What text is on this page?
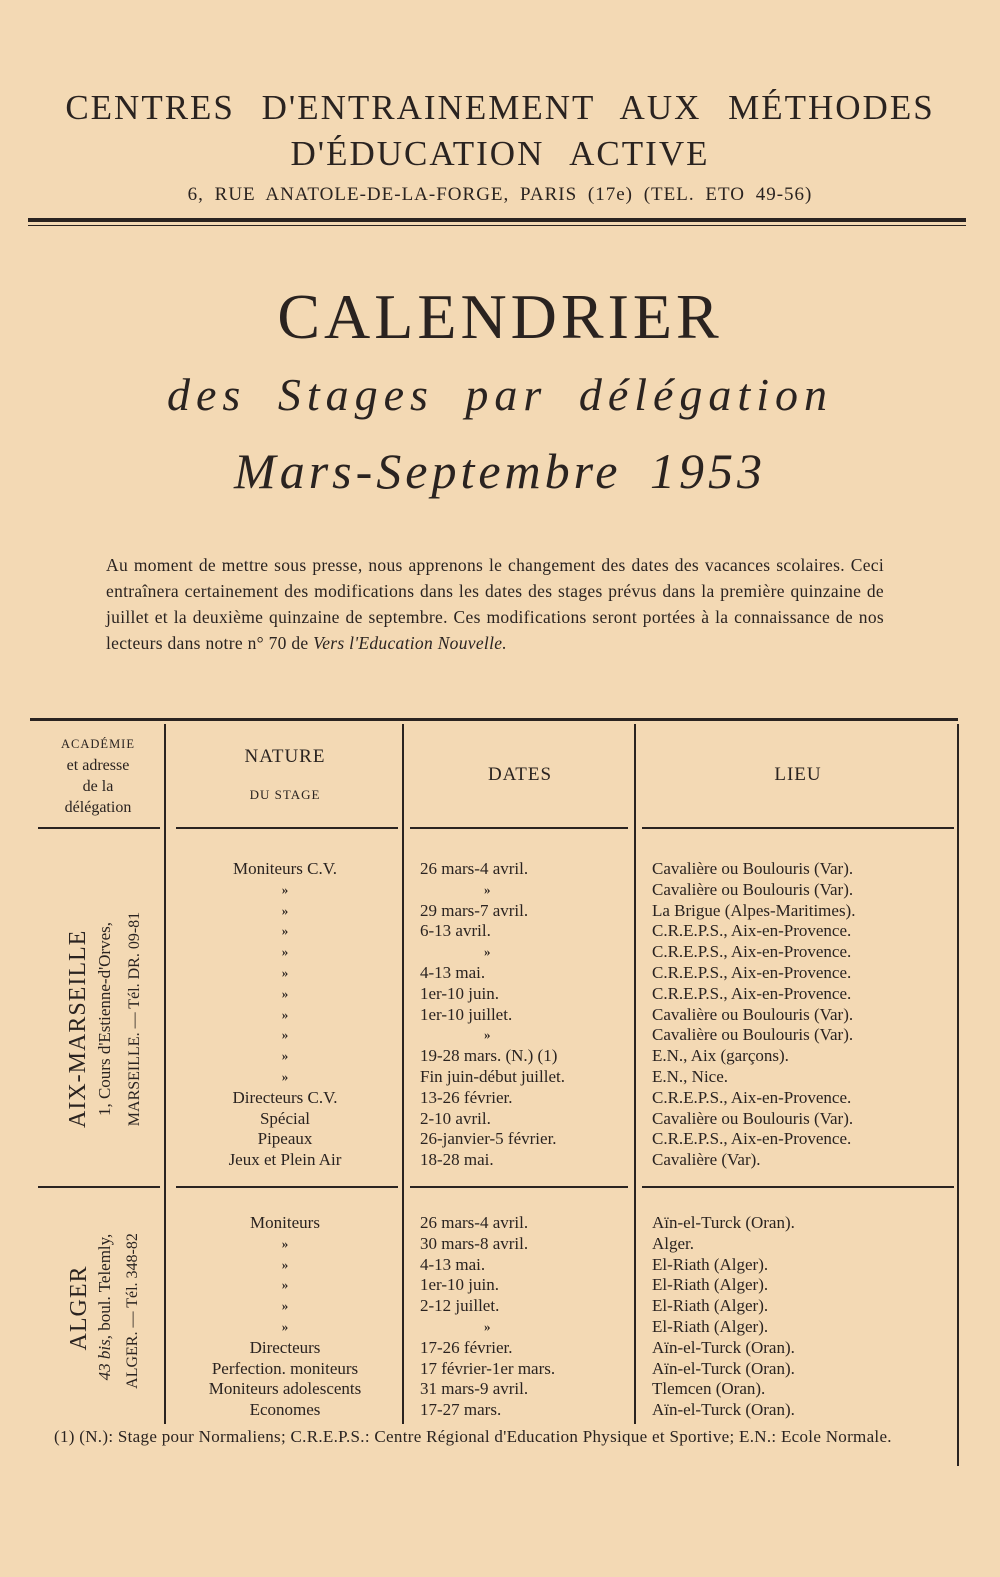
CENTRES D'ENTRAINEMENT AUX MÉTHODES
D'ÉDUCATION ACTIVE
6, RUE ANATOLE-DE-LA-FORGE, PARIS (17e) (TEL. ETO 49-56)
CALENDRIER
des Stages par délégation
Mars-Septembre 1953
Au moment de mettre sous presse, nous apprenons le changement des dates des vacances scolaires. Ceci entraînera certainement des modifications dans les dates des stages prévus dans la première quinzaine de juillet et la deuxième quinzaine de septembre. Ces modifications seront portées à la connaissance de nos lecteurs dans notre n° 70 de Vers l'Education Nouvelle.
ACADÉMIE
et adresse
de la
délégation
NATURE
DU STAGE
DATES	LIEU
AIX-MARSEILLE 1, Cours d'Estienne-d'Orves, MARSEILLE. — Tél. DR. 09-81
ALGER
43 bis, boul. Telemly, ALGER. — Tél. 348-82
Moniteurs C.V.	26 mars-4 avril.	Cavalière ou Boulouris (Var).
»	»	Cavalière ou Boulouris (Var).
»	29 mars-7 avril.	La Brigue (Alpes-Maritimes).
»	6-13 avril.	C.R.E.P.S., Aix-en-Provence.
»	»	C.R.E.P.S., Aix-en-Provence.
»	4-13 mai.	C.R.E.P.S., Aix-en-Provence.
»	1er-10 juin.	C.R.E.P.S., Aix-en-Provence.
»	1er-10 juillet.	Cavalière ou Boulouris (Var).
»	»	Cavalière ou Boulouris (Var).
»	19-28 mars. (N.) (1)	E.N., Aix (garçons).
»	Fin juin-début juillet.	E.N., Nice.
Directeurs C.V.	13-26 février.	C.R.E.P.S., Aix-en-Provence.
Spécial	2-10 avril.	Cavalière ou Boulouris (Var).
Pipeaux	26-janvier-5 février.	C.R.E.P.S., Aix-en-Provence.
Jeux et Plein Air	18-28 mai.	Cavalière (Var).
Moniteurs	26 mars-4 avril.	Aïn-el-Turck (Oran).
»	30 mars-8 avril.	Alger.
»	4-13 mai.	El-Riath (Alger).
»	1er-10 juin.	El-Riath (Alger).
»	2-12 juillet.	El-Riath (Alger).
»	»	El-Riath (Alger).
Directeurs	17-26 février.	Aïn-el-Turck (Oran).
Perfection. moniteurs	17 février-1er mars.	Aïn-el-Turck (Oran).
Moniteurs adolescents	31 mars-9 avril.	Tlemcen (Oran).
Economes	17-27 mars.	Aïn-el-Turck (Oran).
(1) (N.): Stage pour Normaliens; C.R.E.P.S.: Centre Régional d'Education Physique et Sportive; E.N.: Ecole Normale.
